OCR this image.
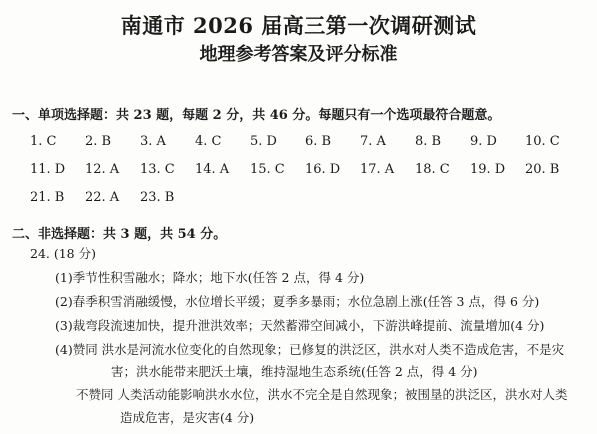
南通市 2026 届高三第一次调研测试
地理参考答案及评分标准
一、单项选择题：共 23 题，每题 2 分，共 46 分。每题只有一个选项最符合题意。
1. C	2. B	3. A	4. C	5. D	6. B	7. A	8. B	9. D	10. C
11. D	12. A	13. C	14. A	15. C	16. D	17. A	18. C	19. D	20. B
21. B	22. A	23. B
二、非选择题：共 3 题，共 54 分。
24. (18 分)
(1)季节性积雪融水；降水；地下水(任答 2 点，得 4 分)
(2)春季积雪消融缓慢，水位增长平缓；夏季多暴雨；水位急剧上涨(任答 3 点，得 6 分)
(3)裁弯段流速加快，提升泄洪效率；天然蓄滞空间减小，下游洪峰提前、流量增加(4 分)
(4)赞同 洪水是河流水位变化的自然现象；已修复的洪泛区，洪水对人类不造成危害，不是灾
害；洪水能带来肥沃土壤，维持湿地生态系统(任答 2 点，得 4 分)
不赞同 人类活动能影响洪水水位，洪水不完全是自然现象；被围垦的洪泛区，洪水对人类
造成危害，是灾害(4 分)
